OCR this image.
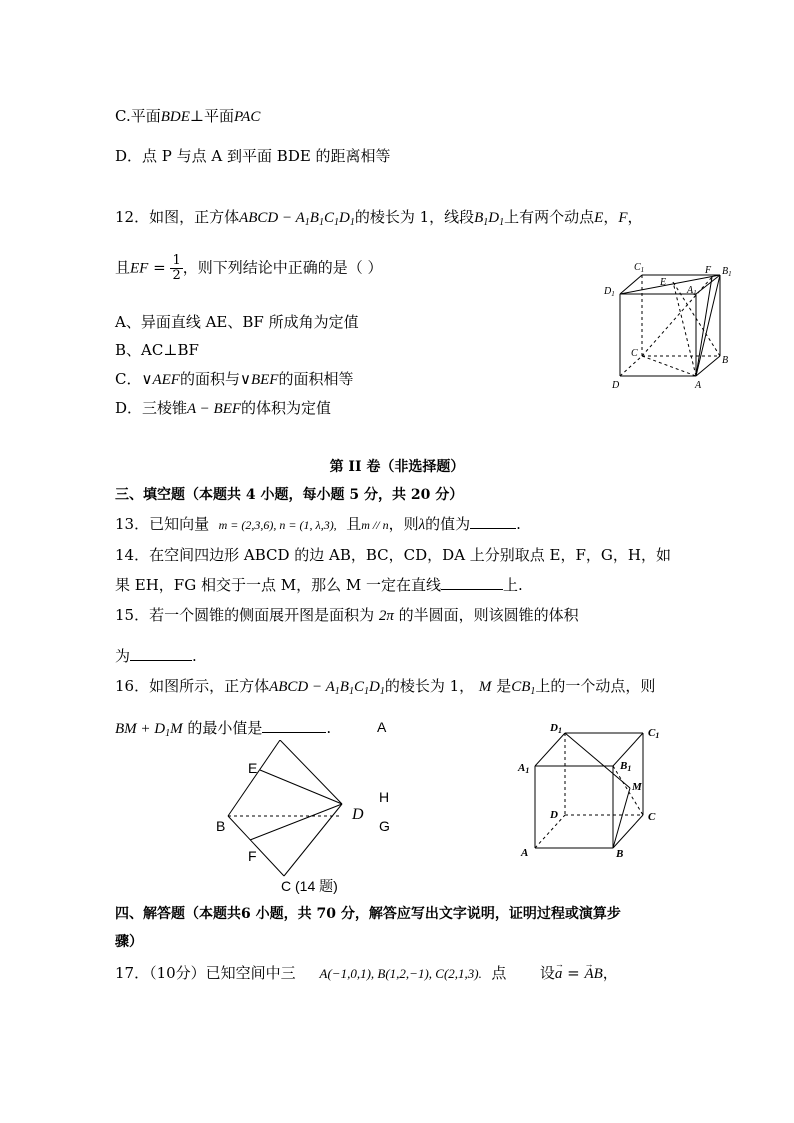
C.平面BDE⊥平面PAC
D．点 P 与点 A 到平面 BDE 的距离相等
12．如图，正方体ABCD − $A_1B_1C_1D_1$的棱长为 1，线段$B_1D_1$上有两个动点E，F，
且EF = $\frac{1}{2}$ ，则下列结论中正确的是（ ）
A、异面直线 AE、BF 所成角为定值
B、AC⊥BF
C．∨AEF的面积与∨BEF的面积相等
D．三棱锥A − BEF的体积为定值
$C_1$
$D_1$
E
F $B_1$
$A_1$
C
B
D	A
第 II 卷（非选择题）
三、填空题（本题共 4 小题，每小题 5 分，共 20 分）
13．已知向量 m = (2,3,6), n = (1, λ,3), 且m // n，则λ的值为	.
14．在空间四边形 ABCD 的边 AB，BC，CD，DA 上分别取点 E，F，G，H，如
果 EH，FG 相交于一点 M，那么 M 一定在直线	上.
15．若一个圆锥的侧面展开图是面积为 2π 的半圆面，则该圆锥的体积
为	.
16．如图所示，正方体ABCD − $A_1B_1C_1D_1$的棱长为 1， M 是$CB_1$上的一个动点，则
BM + $D_1M$ 的最小值是	.	A
E
H
B
D
G
F
C (14 题)
D1	C1
A1	B1
M
D	C
A	B
四、解答题（本题共6 小题，共 70 分，解答应写出文字说明，证明过程或演算步
骤）
17．（10分）已知空间中三 A(−1,0,1), B(1,2,−1), C(2,1,3). 点 设→ a = → AB，
